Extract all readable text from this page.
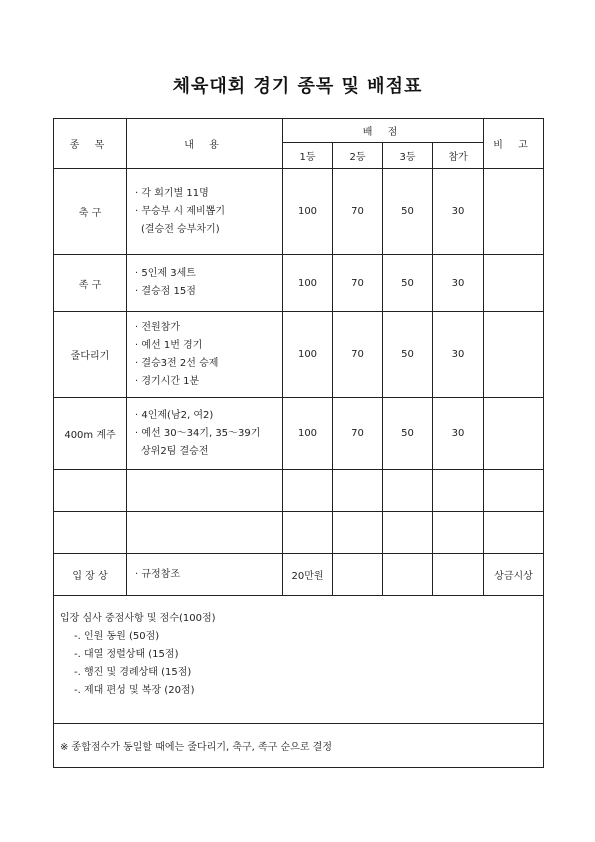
체육대회 경기 종목 및 배점표
종 목	내 용	배 점				비 고
		1등	2등	3등	참가	
축 구	· 각 회기별 11명
· 무승부 시 제비뽑기
(결승전 승부차기)	100	70	50	30	
족 구	· 5인제 3세트
· 결승점 15점	100	70	50	30	
줄다리기	· 전원참가
· 예선 1번 경기
· 결승3전 2선 승제
· 경기시간 1분	100	70	50	30	
400m 계주	· 4인제(남2, 여2)
· 예선 30～34기, 35～39기
상위2팀 결승전	100	70	50	30	

입 장 상	· 규정참조	20만원				상금시상

입장 심사 중점사항 및 점수(100점)
-. 인원 동원 (50점)
-. 대열 정렬상태 (15점)
-. 행진 및 경례상태 (15점)
-. 제대 편성 및 복장 (20점)						

※ 종합점수가 동일할 때에는 줄다리기, 축구, 족구 순으로 결정						
